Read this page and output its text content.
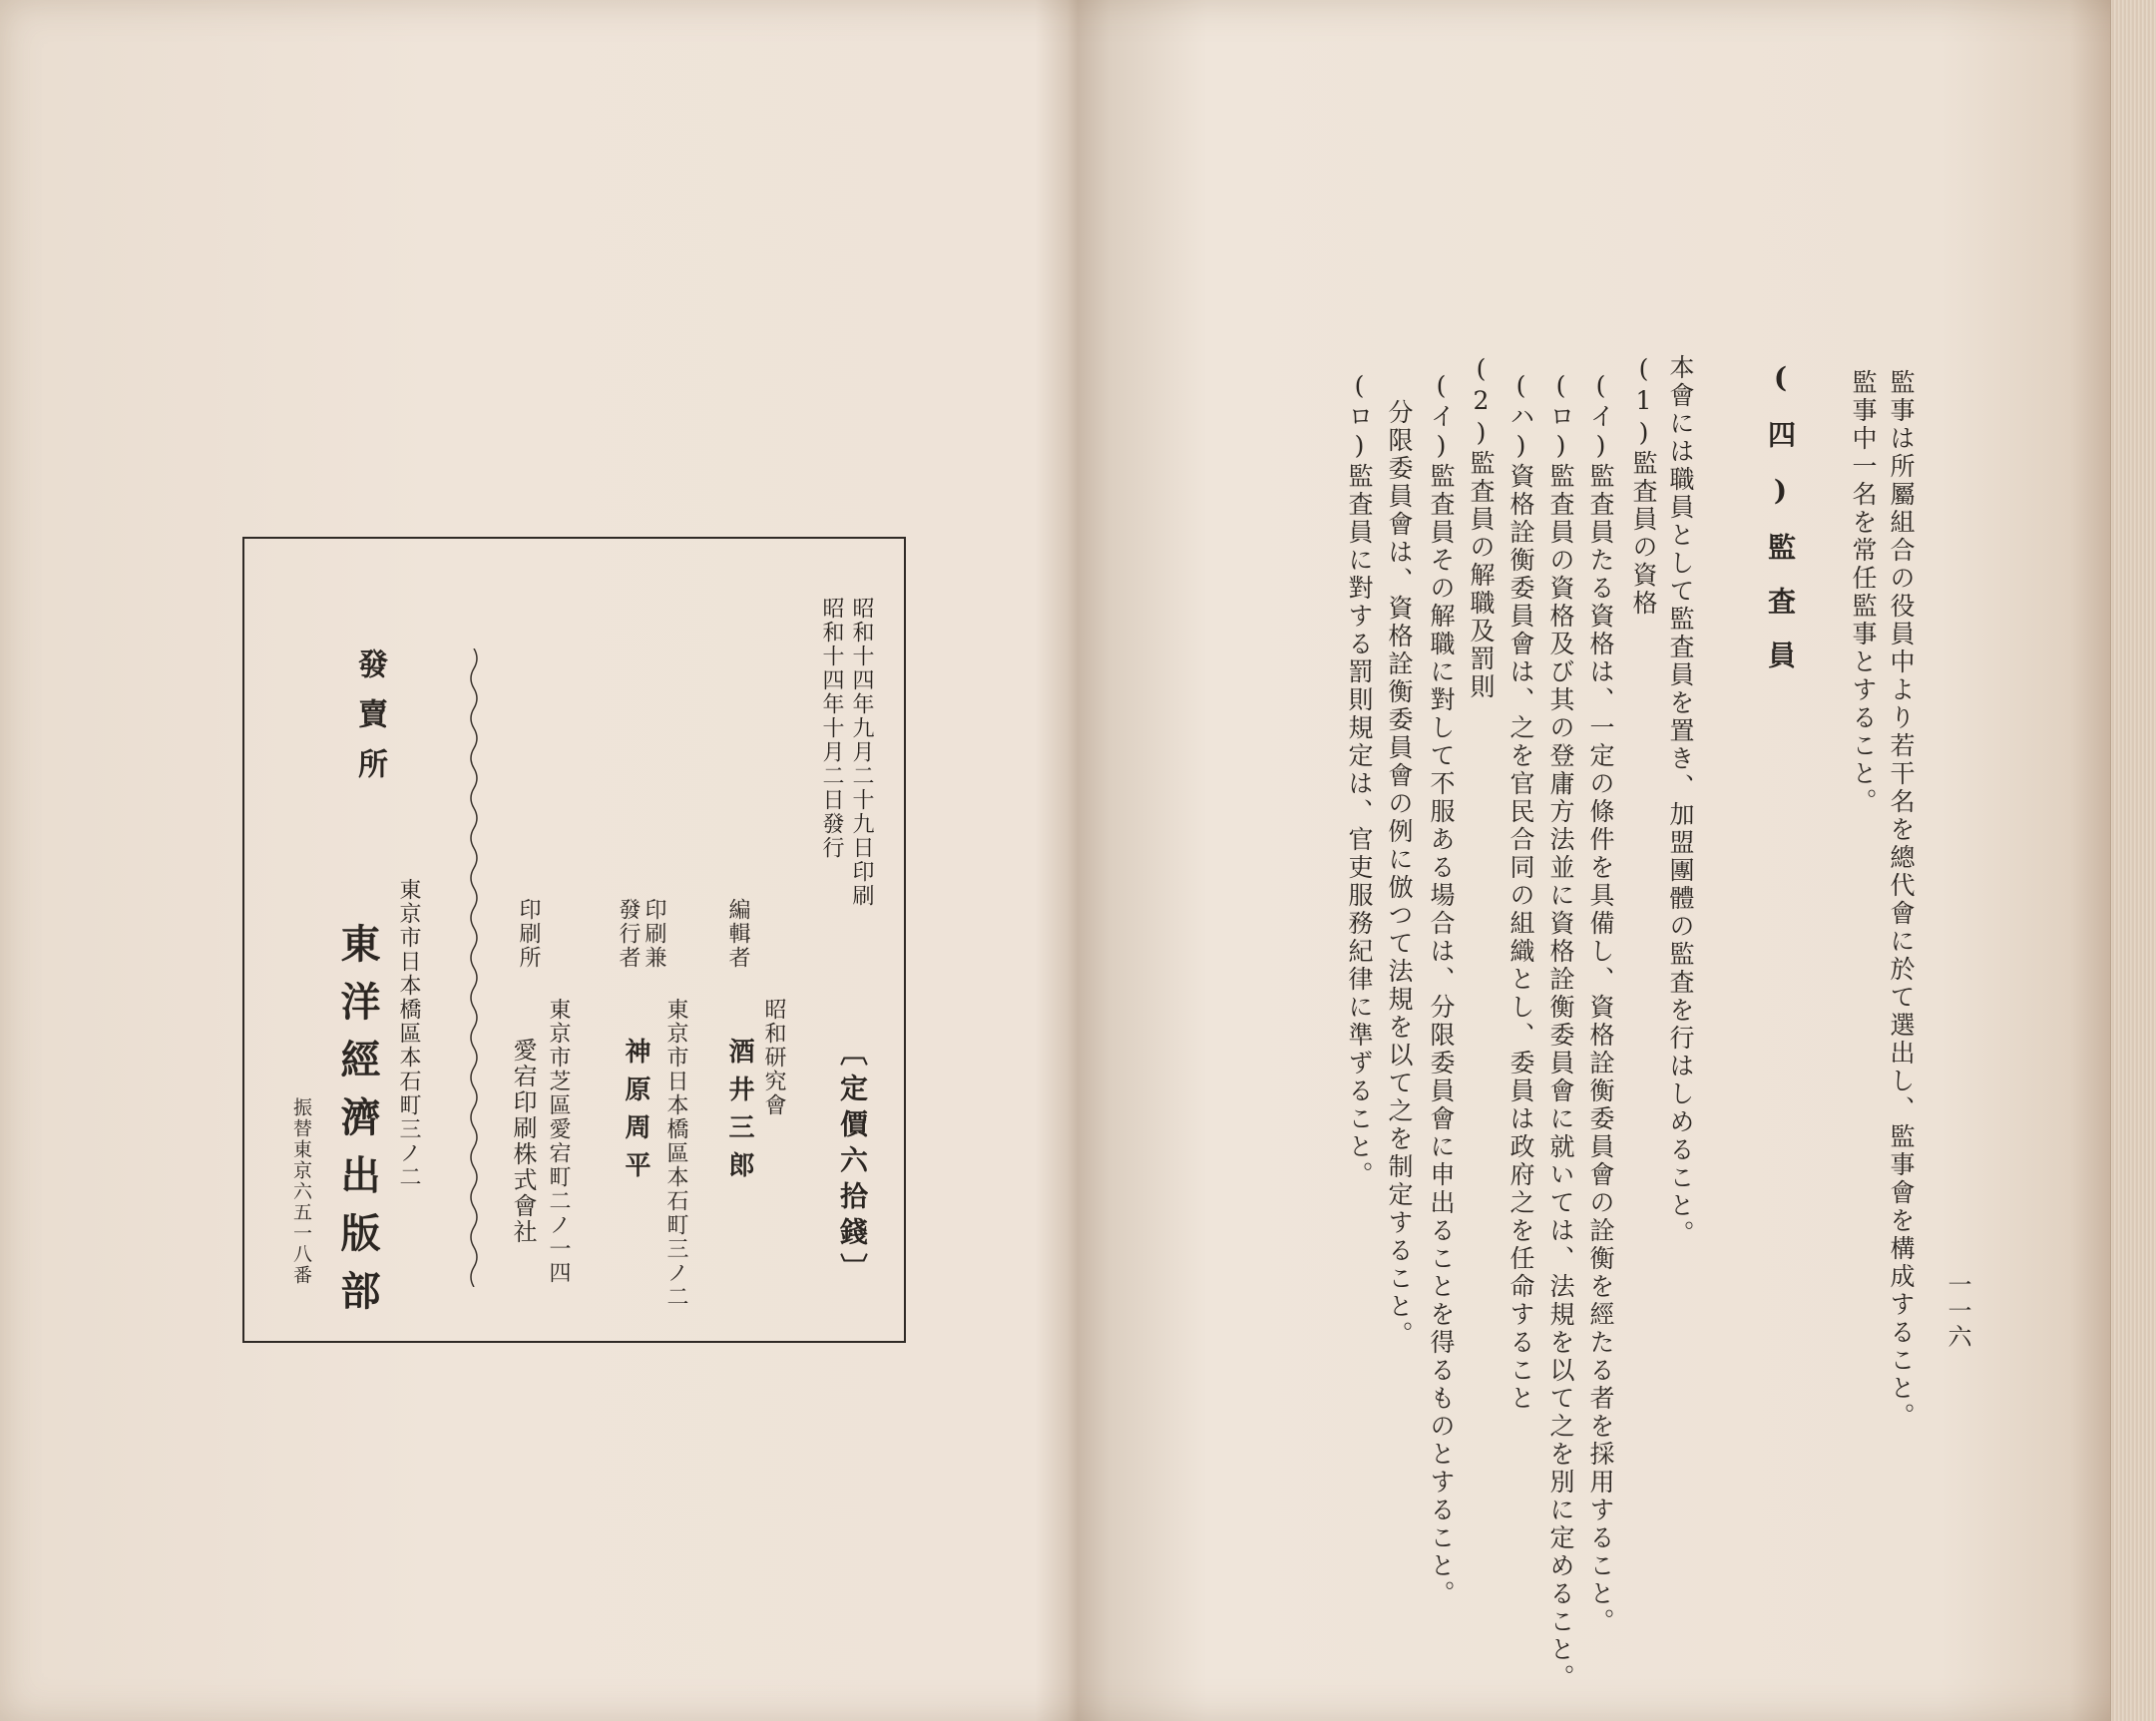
昭和十四年九月二十九日印刷
昭和十四年十月二日發行
〔定價六拾錢〕
昭和研究會
編輯者
酒井三郎
印刷兼
發行者
東京市日本橋區本石町三ノ二
神原周平
印刷所
東京市芝區愛宕町二ノ一四
愛宕印刷株式會社
發賣所
東京市日本橋區本石町三ノ二
東洋經濟出版部
振替東京六五一八番
一一六
監事は所屬組合の役員中より若干名を總代會に於て選出し、監事會を構成すること。
監事中一名を常任監事とすること。
(四)監査員
本會には職員として監査員を置き、加盟團體の監査を行はしめること。
(1)監査員の資格
(イ)監査員たる資格は、一定の條件を具備し、資格詮衡委員會の詮衡を經たる者を採用すること。
(ロ)監査員の資格及び其の登庸方法並に資格詮衡委員會に就いては、法規を以て之を別に定めること。
(ハ)資格詮衡委員會は、之を官民合同の組織とし、委員は政府之を任命すること
(2)監査員の解職及罰則
(イ)監査員その解職に對して不服ある場合は、分限委員會に申出ることを得るものとすること。
分限委員會は、資格詮衡委員會の例に倣つて法規を以て之を制定すること。
(ロ)監査員に對する罰則規定は、官吏服務紀律に準ずること。
